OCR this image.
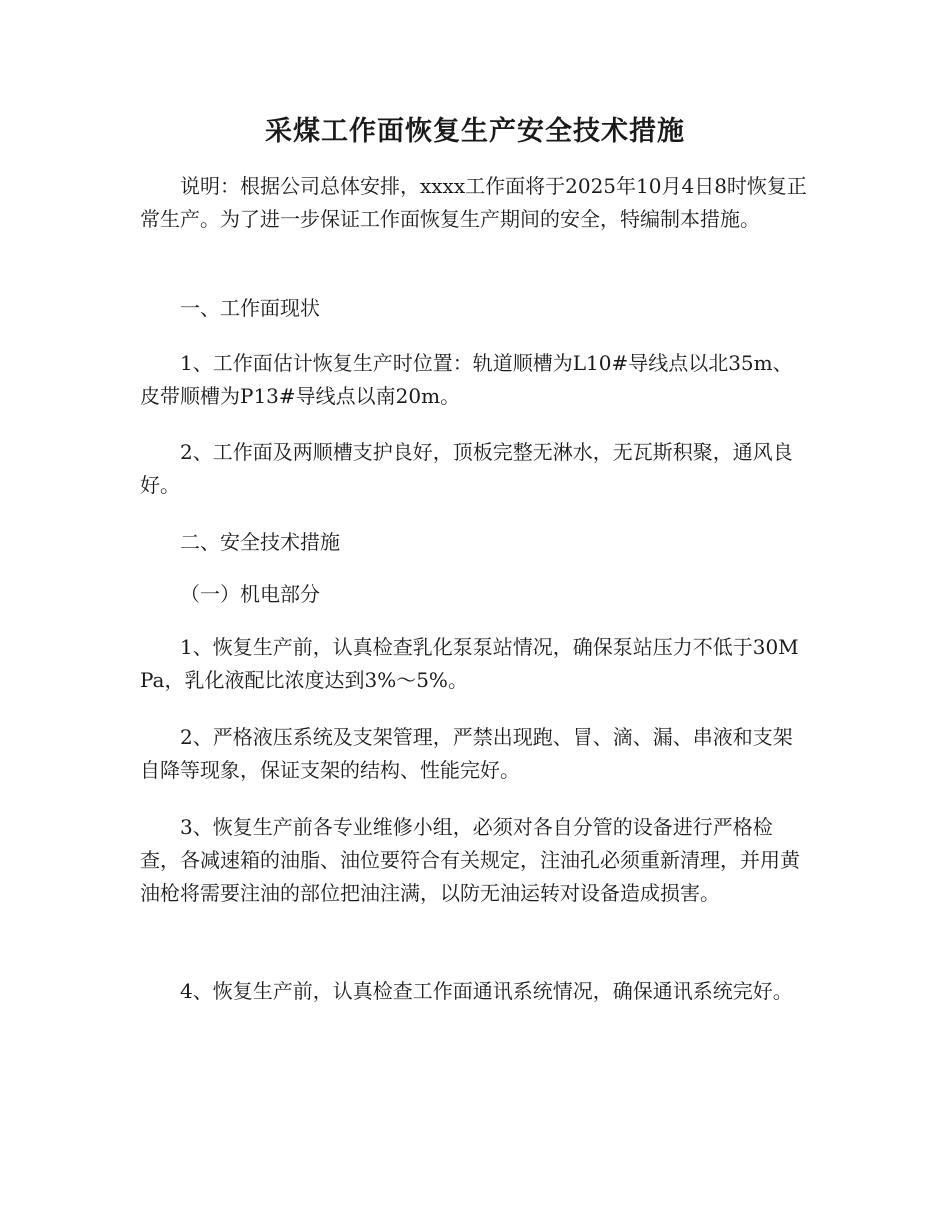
采煤工作面恢复生产安全技术措施

说明：根据公司总体安排，xxxx工作面将于2025年10月4日8时恢复正常生产。为了进一步保证工作面恢复生产期间的安全，特编制本措施。

一、工作面现状

1、工作面估计恢复生产时位置：轨道顺槽为L10#导线点以北35m、皮带顺槽为P13#导线点以南20m。

2、工作面及两顺槽支护良好，顶板完整无淋水，无瓦斯积聚，通风良好。

二、安全技术措施

（一）机电部分

1、恢复生产前，认真检查乳化泵泵站情况，确保泵站压力不低于30MPa，乳化液配比浓度达到3%～5%。

2、严格液压系统及支架管理，严禁出现跑、冒、滴、漏、串液和支架自降等现象，保证支架的结构、性能完好。

3、恢复生产前各专业维修小组，必须对各自分管的设备进行严格检查，各减速箱的油脂、油位要符合有关规定，注油孔必须重新清理，并用黄油枪将需要注油的部位把油注满，以防无油运转对设备造成损害。

4、恢复生产前，认真检查工作面通讯系统情况，确保通讯系统完好。
